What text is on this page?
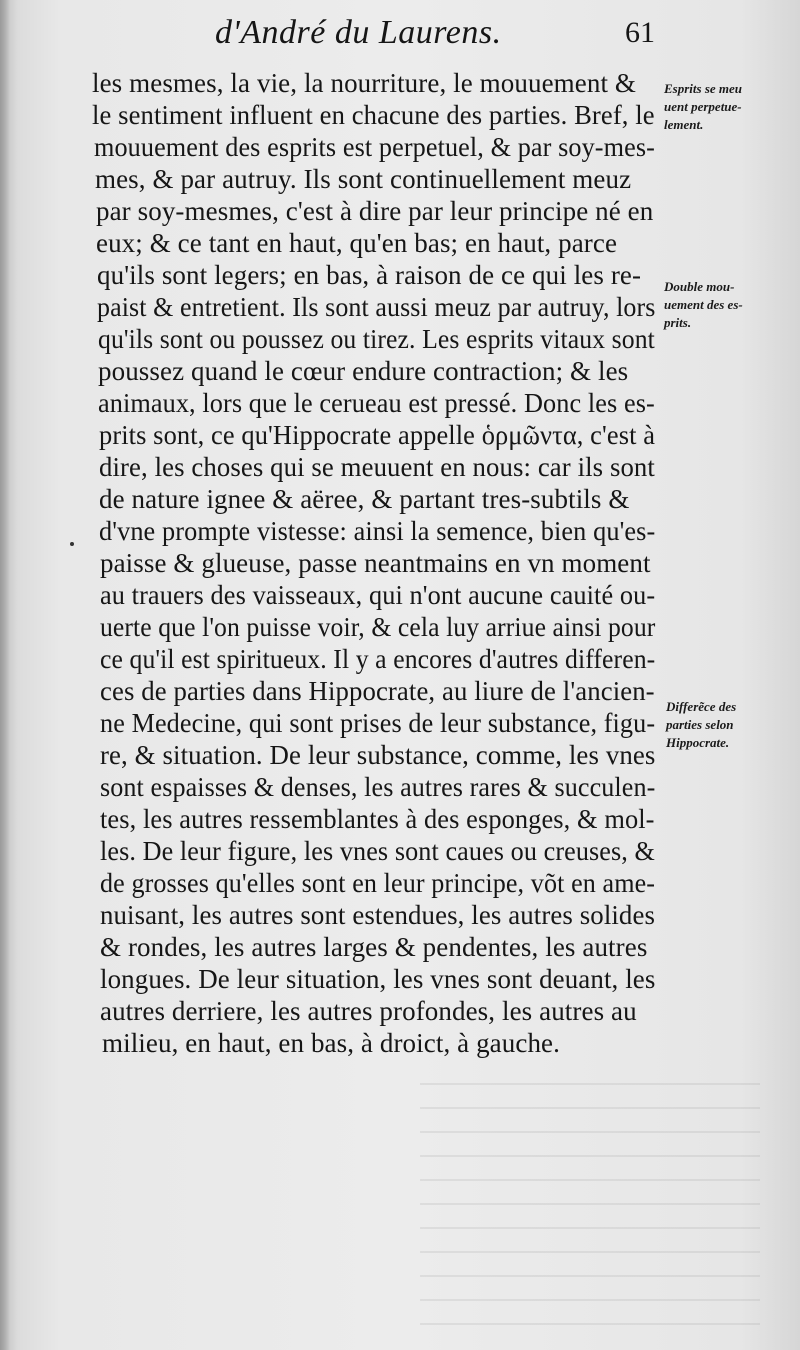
d'André du Laurens.	61
les mesmes, la vie, la nourriture, le mouuement &
le sentiment influent en chacune des parties. Bref, le
mouuement des esprits est perpetuel, & par soy-mes-
mes, & par autruy. Ils sont continuellement meuz
par soy-mesmes, c'est à dire par leur principe né en
eux; & ce tant en haut, qu'en bas; en haut, parce
qu'ils sont legers; en bas, à raison de ce qui les re-
paist & entretient. Ils sont aussi meuz par autruy, lors
qu'ils sont ou poussez ou tirez. Les esprits vitaux sont
poussez quand le cœur endure contraction; & les
animaux, lors que le cerueau est pressé. Donc les es-
prits sont, ce qu'Hippocrate appelle ὁρμῶντα, c'est à
dire, les choses qui se meuuent en nous: car ils sont
de nature ignee & aëree, & partant tres-subtils &
d'vne prompte vistesse: ainsi la semence, bien qu'es-
paisse & glueuse, passe neantmains en vn moment
au trauers des vaisseaux, qui n'ont aucune cauité ou-
uerte que l'on puisse voir, & cela luy arriue ainsi pour
ce qu'il est spiritueux. Il y a encores d'autres differen-
ces de parties dans Hippocrate, au liure de l'ancien-
ne Medecine, qui sont prises de leur substance, figu-
re, & situation. De leur substance, comme, les vnes
sont espaisses & denses, les autres rares & succulen-
tes, les autres ressemblantes à des esponges, & mol-
les. De leur figure, les vnes sont caues ou creuses, &
de grosses qu'elles sont en leur principe, võt en ame-
nuisant, les autres sont estendues, les autres solides
& rondes, les autres larges & pendentes, les autres
longues. De leur situation, les vnes sont deuant, les
autres derriere, les autres profondes, les autres au
milieu, en haut, en bas, à droict, à gauche.
Esprits se meu
uent perpetue-
lement.
Double mou-
uement des es-
prits.
Differẽce des
parties selon
Hippocrate.
